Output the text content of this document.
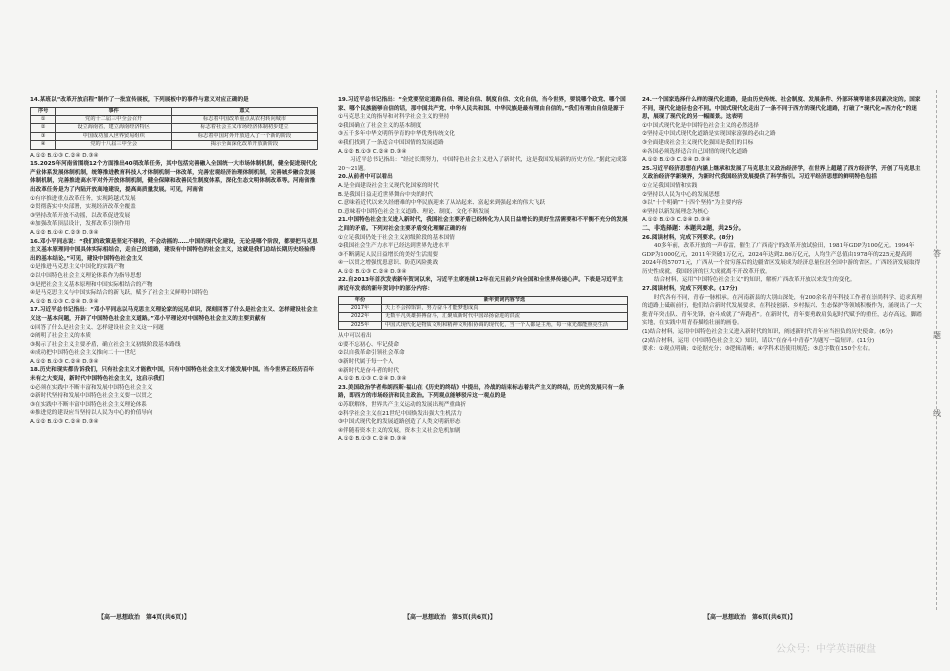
14.某班以“改革开放启程”制作了一批宣传展板，下列展板中的事件与意义对应正确的是

序号	事件	意义
①	党的十二届三中全会召开	标志着中国改革重点从农村转向城市
②	设立海南省，建立海南经济特区	标志着社会主义市场经济体制初步建立
③	中国成功加入世界贸易组织	标志着中国对外开放进入了一个新的阶段
④	党的十八届三中全会	揭示全面深化改革开放新阶段

A.①② B.①③ C.②④ D.③④

15.2025年河南省围绕12个方面推出40项改革任务，其中包括完善融入全国统一大市场体制机制，健全促进现代化产业体系发展体制机制，统筹推进教育科技人才体制机制一体改革，完善宏观经济治理体制机制，完善城乡融合发展体制机制，完善推进高水平对外开放体制机制，健全保障和改善民生制度体系，深化生态文明体制改革等。河南省推出改革任务是为了内陆开放高地建设，提高高质量发展。可见，河南省

①有序推进重点改革任务，实现跨越式发展

②贯彻落实中央部署，实现经济改革全覆盖

③坚持改革开放不动摇，以改革促进发展

④加强改革顶层设计，发挥改革引领作用

A.①② B.①④ C.②③ D.③④

16.邓小平同志说：“我们的政策是坚定不移的，不会动摇的……中国的现代化建设，无论是哪个阶段，都要把马克思主义基本原理同中国具体实际相结合，走自己的道路，建设有中国特色的社会主义，这就是我们总结长期历史经验得出的基本结论。”可见，建设中国特色社会主义

①是推进马克思主义中国化的实践产物

②以中国特色社会主义理论体系作为指导思想

③是把社会主义基本原理和中国实际相结合的产物

④是马克思主义与中国实际结合的新飞跃，赋予了社会主义鲜明中国特色

A.①② B.①③ C.②④ D.③④

17.习近平总书记指出：“邓小平同志以马克思主义理论家的远见卓识，深刻回答了什么是社会主义、怎样建设社会主义这一基本问题，开辟了中国特色社会主义道路。”邓小平理论对中国特色社会主义的主要贡献有

①回答了什么是社会主义、怎样建设社会主义这一问题

②阐明了社会主义的本质

③揭示了社会主义主要矛盾，确立社会主义初级阶段基本路线

④成功把中国特色社会主义推向二十一世纪

A.①② B.①③ C.②④ D.③④

18.历史和现实都告诉我们，只有社会主义才能救中国，只有中国特色社会主义才能发展中国。当今世界正经历百年未有之大变局，新时代中国特色社会主义，这启示我们

①必须在实践中不断丰富和发展中国特色社会主义

②新时代坚持和发展中国特色社会主义要一以贯之

③在实践中不断丰富中国特色社会主义理论体系

④推进党的建设应当坚持以人民为中心的价值导向

A.①② B.①③ C.②④ D.③④

【高一思想政治　第4页(共6页)】

19.习近平总书记指出：“全党要坚定道路自信、理论自信、制度自信、文化自信，当今世界，要说哪个政党、哪个国家、哪个民族能够自信的话，那中国共产党、中华人民共和国、中华民族是最有理由自信的。”我们有理由自信是源于

①马克思主义的指导和对科学社会主义的坚持

②我国确立了社会主义的基本制度

③五千多年中华文明所孕育的中华优秀传统文化

④我们找到了一条适合中国国情的发展道路

A.①② B.①③ C.②④ D.③④

习近平总书记指出：“经过长期努力，中国特色社会主义进入了新时代，这是我国发展新的历史方位。”据此完成第20～21题。

20.从前者中可以看出

A.是全面建设社会主义现代化国家的时代

B.是我国日益走近世界舞台中央的时代

C.意味着近代以来久经磨难的中华民族迎来了从站起来、富起来到强起来的伟大飞跃

D.意味着中国特色社会主义道路、理论、制度、文化不断发展

21.中国特色社会主义进入新时代，我国社会主要矛盾已经转化为人民日益增长的美好生活需要和不平衡不充分的发展之间的矛盾。下列对社会主要矛盾变化理解正确的有

①立足我国仍处于社会主义初级阶段的基本国情

②我国社会生产力水平已经达到世界先进水平

③不断满足人民日益增长的美好生活需要

④一以贯之增强忧患意识、防范风险挑战

A.①② B.①③ C.②④ D.③④

22.自2013年首次发表新年贺词以来，习近平主席连续12年在元旦前夕向全国和全世界传递心声。下表是习近平主席近年发表的新年贺词中的部分内容：

年份	新年贺词内容节选
2017年	天上不会掉馅饼，努力奋斗才能梦想成真
2022年	无数平凡英雄拼搏奋斗，汇聚成新时代中国昂扬奋进的洪流
2025年	中国式现代化是物质文明和精神文明相协调的现代化，当一个人都是主角，每一束光都能照亮生活

从中可以看出

①要不忘初心、牢记使命

②以自我革命引领社会革命

③新时代属于每一个人

④新时代是奋斗者的时代

A.①② B.①③ C.②④ D.③④

23.美国政治学者弗朗西斯·福山在《历史的终结》中提出，冷战的结束标志着共产主义的终结，历史的发展只有一条路，即西方的市场经济和民主政治。下列观点能够驳斥这一观点的是

①苏联解体，世界共产主义运动的发展出现严重曲折

②科学社会主义在21世纪中国焕发出强大生机活力

③中国式现代化的发展道路创造了人类文明新形态

④伴随着资本主义的发展，资本主义社会危机加剧

A.①② B.①③ C.②④ D.③④

【高一思想政治　第5页(共6页)】

24.一个国家选择什么样的现代化道路，是由历史传统、社会制度、发展条件、外部环境等诸多因素决定的。国家不同，现代化途径也会不同。中国式现代化走出了一条不同于西方的现代化道路，打破了“现代化=西方化”的迷思，展现了现代化的另一幅图景。这表明

①中国式现代化是中国特色社会主义的必然选择

②坚持走中国式现代化道路是实现国家富强的必由之路

③全面建成社会主义现代化强国是我们的目标

④各国必须选择适合自己国情的现代化道路

A.①② B.①③ C.②④ D.③④

25.习近平经济思想在内涵上继承和发展了马克思主义政治经济学，在世界上超越了西方经济学，开创了马克思主义政治经济学新境界，为新时代我国经济发展提供了科学指引。习近平经济思想的鲜明特色包括

①立足我国国情和实践

②坚持以人民为中心的发展思想

③以“十个明确”“十四个坚持”为主要内容

④坚持以新发展理念为核心

A.①② B.①③ C.②④ D.③④

二、非选择题：本题共2题，共25分。

26.阅读材料，完成下列要求。(8分)

40多年前，改革开放的一声春雷，催生了广西南宁的改革开放试验田，1981年GDP为100亿元。1994年GDP为1000亿元，2011年突破1万亿元，2024年达到2.86万亿元，人均生产总值由1978年的225元提高到2024年的57071元，广西从一个贫穷落后的边疆省区发展成为经济总量位居全国中游的省区。广西经济发展取得历史性成就，我国经济的巨大成就离不开改革开放。

结合材料，运用“中国特色社会主义”的知识，解析广西改革开放以来发生的变化。

27.阅读材料，完成下列要求。(17分)

时代各有不同，青春一脉相承。在河南新县的大别山深处，有200余名青年科技工作者在崇尚科学、追求真理的道路上砥砺前行，他们结合新时代发展要求，在科技创新、乡村振兴、生态保护等领域积极作为，涌现出了一大批青年突击队、青年先锋，奋斗成就了“奔跑者”。在新时代，青年要勇敢肩负起时代赋予的重任，志存高远，脚踏实地，在实践中用青春描绘壮丽的画卷。

(1)结合材料，运用中国特色社会主义进入新时代的知识，阐述新时代青年应当担负的历史使命。(6分)

(2)结合材料，运用《中国特色社会主义》知识，请以“在奋斗中青春”为题写一篇短评。(11分)

要求：①观点明确；②论据充分；③逻辑清晰；④学科术语使用规范；⑤总字数在150个左右。

【高一思想政治　第6页(共6页)】
答
题
线
公众号：中学英语硬盘
